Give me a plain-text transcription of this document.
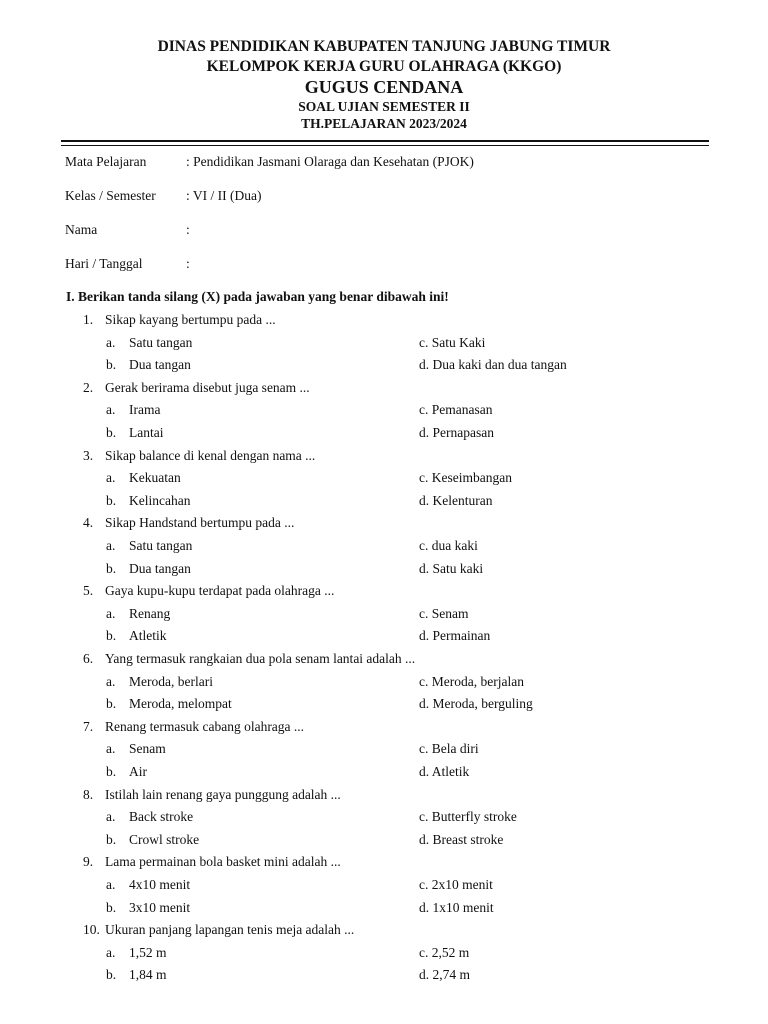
DINAS PENDIDIKAN KABUPATEN TANJUNG JABUNG TIMUR

KELOMPOK KERJA GURU OLAHRAGA (KKGO)

GUGUS CENDANA

SOAL UJIAN SEMESTER II

TH.PELAJARAN 2023/2024

Mata Pelajaran	: Pendidikan Jasmani Olaraga dan Kesehatan (PJOK)
Kelas / Semester : VI / II (Dua)
Nama	:
Hari / Tanggal	:
I. Berikan tanda silang (X) pada jawaban yang benar dibawah ini!
1. Sikap kayang bertumpu pada ...
a. Satu tangan	c. Satu Kaki
b. Dua tangan	d. Dua kaki dan dua tangan
2. Gerak berirama disebut juga senam ...
a. Irama	c. Pemanasan
b. Lantai	d. Pernapasan
3. Sikap balance di kenal dengan nama ...
a. Kekuatan	c. Keseimbangan
b. Kelincahan	d. Kelenturan
4. Sikap Handstand bertumpu pada ...
a. Satu tangan	c. dua kaki
b. Dua tangan	d. Satu kaki
5. Gaya kupu-kupu terdapat pada olahraga ...
a. Renang	c. Senam
b. Atletik	d. Permainan
6. Yang termasuk rangkaian dua pola senam lantai adalah ...
a. Meroda, berlari	c. Meroda, berjalan
b. Meroda, melompat	d. Meroda, berguling
7. Renang termasuk cabang olahraga ...
a. Senam	c. Bela diri
b. Air	d. Atletik
8. Istilah lain renang gaya punggung adalah ...
a. Back stroke	c. Butterfly stroke
b. Crowl stroke	d. Breast stroke
9. Lama permainan bola basket mini adalah ...
a. 4x10 menit	c. 2x10 menit
b. 3x10 menit	d. 1x10 menit
10. Ukuran panjang lapangan tenis meja adalah ...
a. 1,52 m	c. 2,52 m
b. 1,84 m	d. 2,74 m
